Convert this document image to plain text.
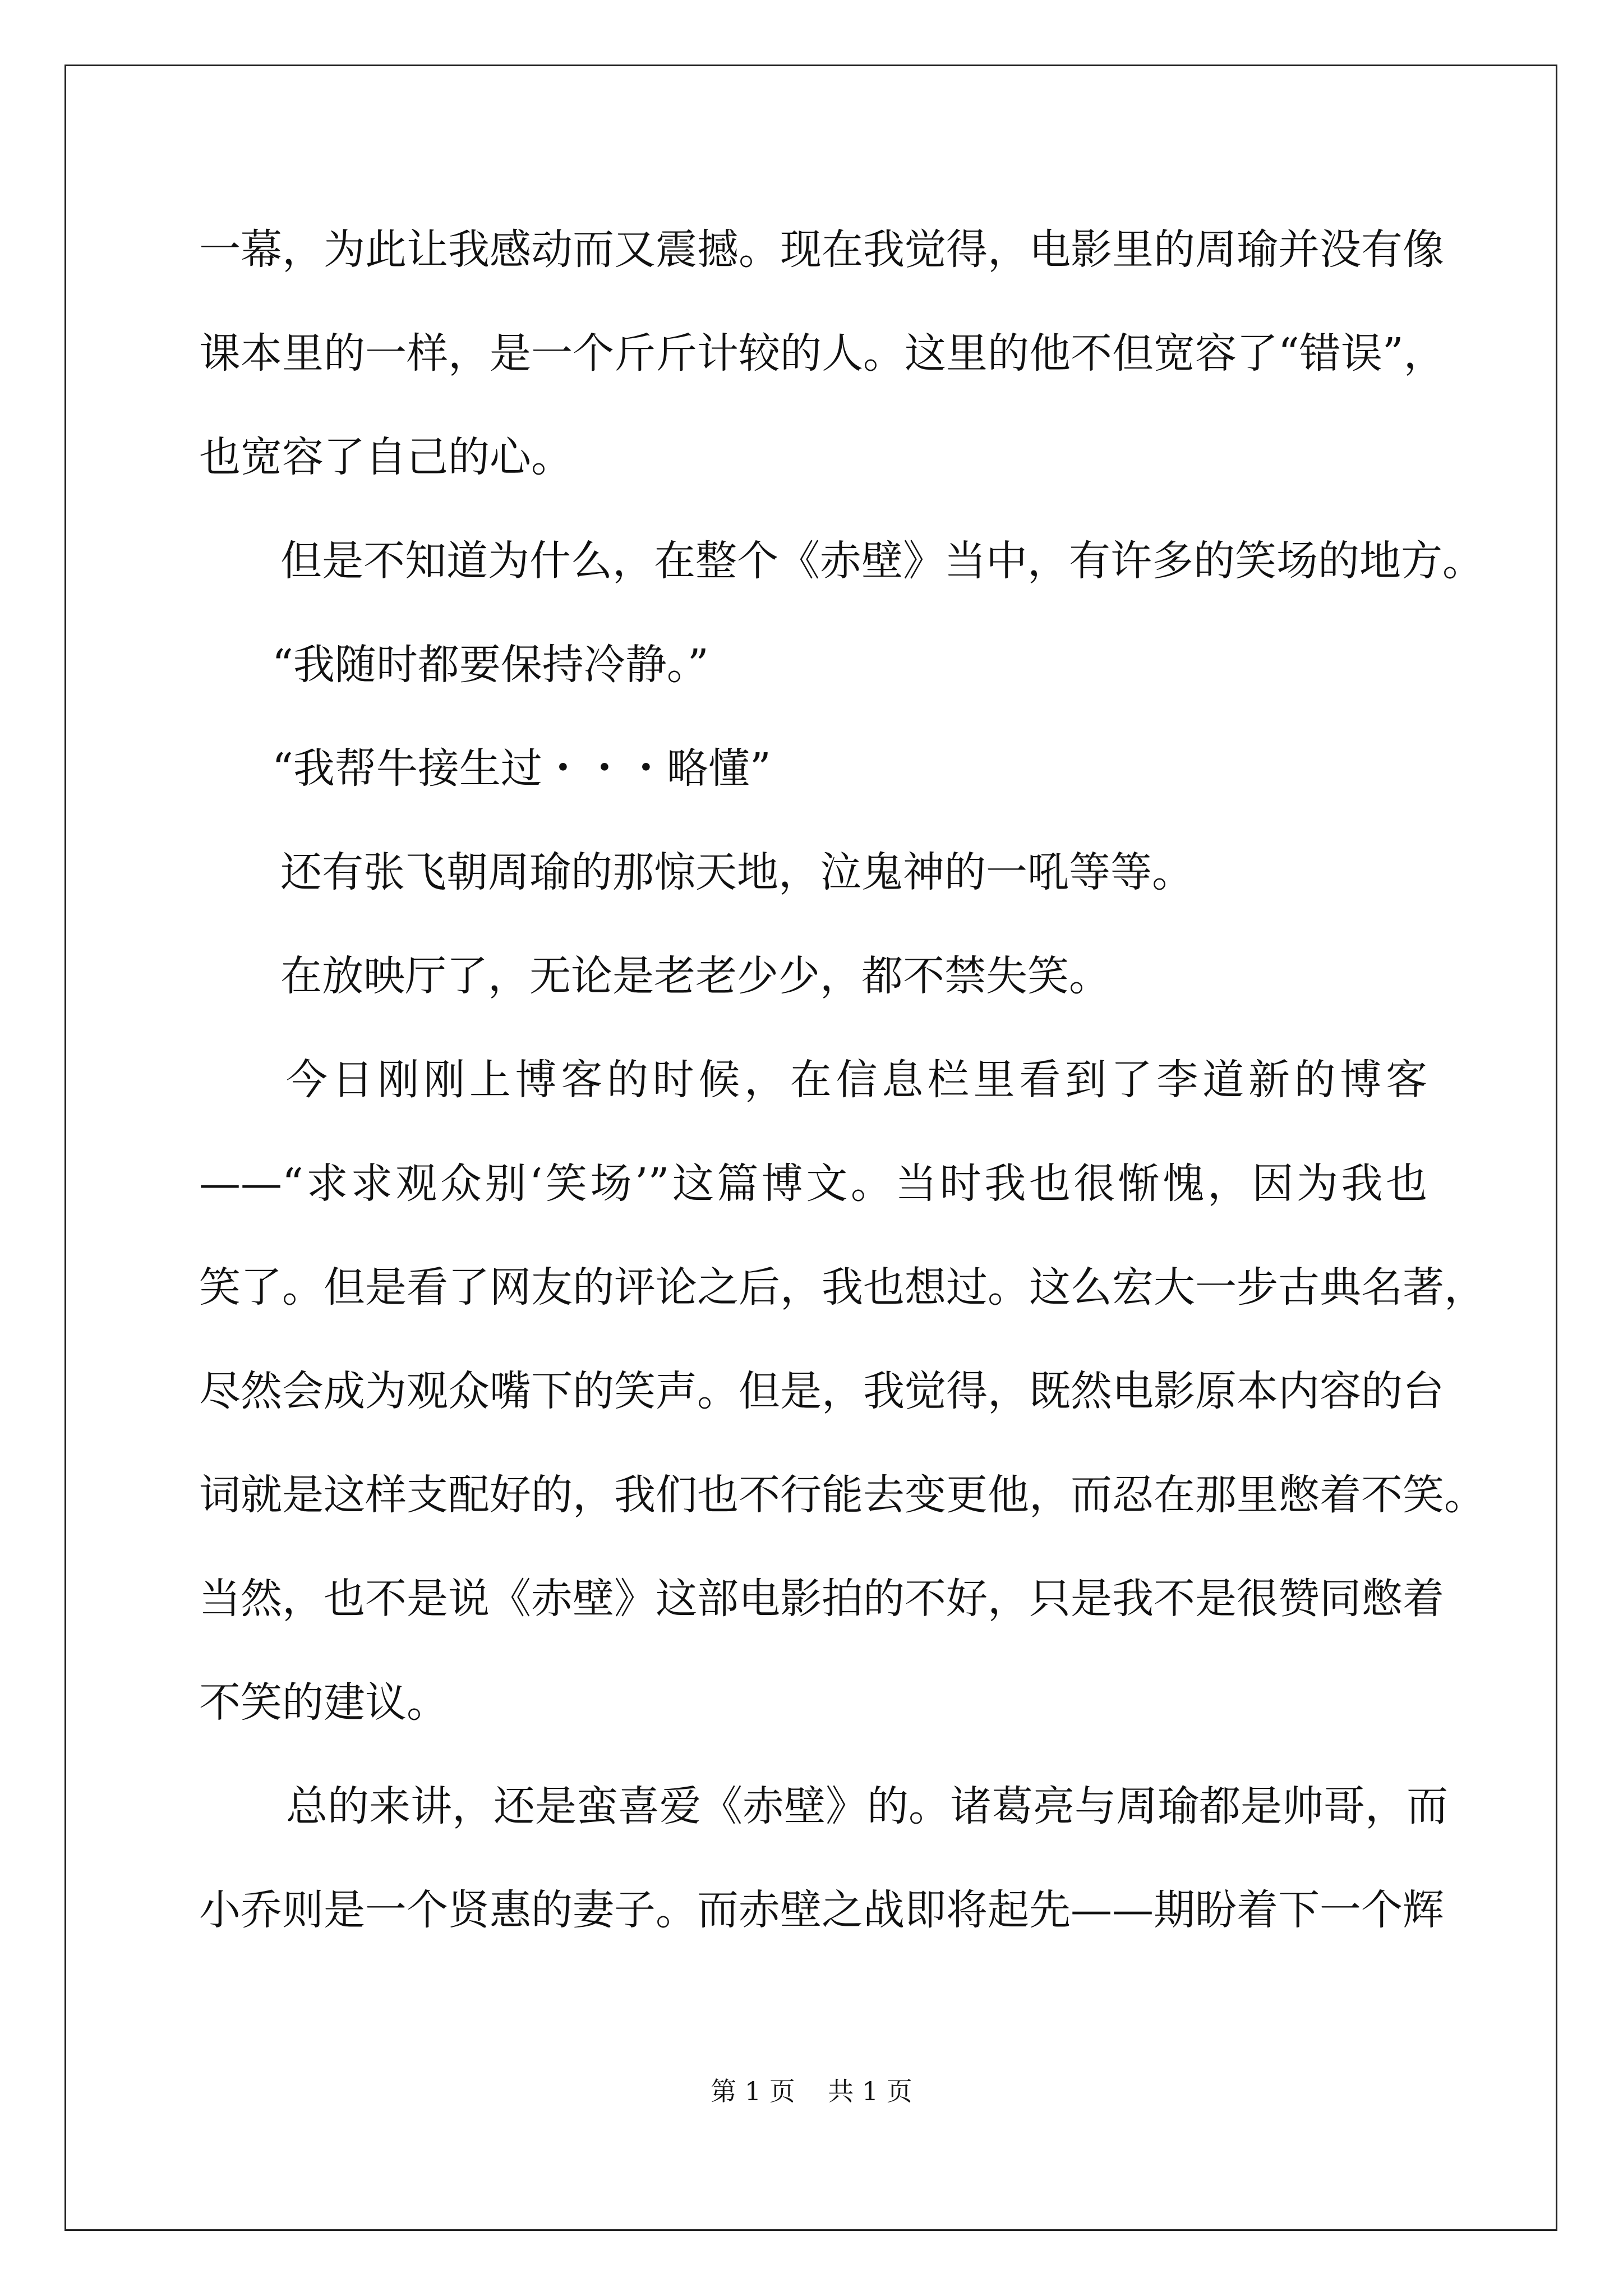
一幕，为此让我感动而又震撼。现在我觉得，电影里的周瑜并没有像
课本里的一样，是一个斤斤计较的人。这里的他不但宽容了“错误”，
也宽容了自己的心。
但是不知道为什么，在整个《赤壁》当中，有许多的笑场的地方。
“我随时都要保持冷静。”
“我帮牛接生过・・・略懂”
还有张飞朝周瑜的那惊天地，泣鬼神的一吼等等。
在放映厅了，无论是老老少少，都不禁失笑。
今日刚刚上博客的时候，在信息栏里看到了李道新的博客
——“求求观众别‘笑场’”这篇博文。当时我也很惭愧，因为我也
笑了。但是看了网友的评论之后，我也想过。这么宏大一步古典名著，
尽然会成为观众嘴下的笑声。但是，我觉得，既然电影原本内容的台
词就是这样支配好的，我们也不行能去变更他，而忍在那里憋着不笑。
当然，也不是说《赤壁》这部电影拍的不好，只是我不是很赞同憋着
不笑的建议。
总的来讲，还是蛮喜爱《赤壁》的。诸葛亮与周瑜都是帅哥，而
小乔则是一个贤惠的妻子。而赤壁之战即将起先——期盼着下一个辉
第 1 页    共 1 页
